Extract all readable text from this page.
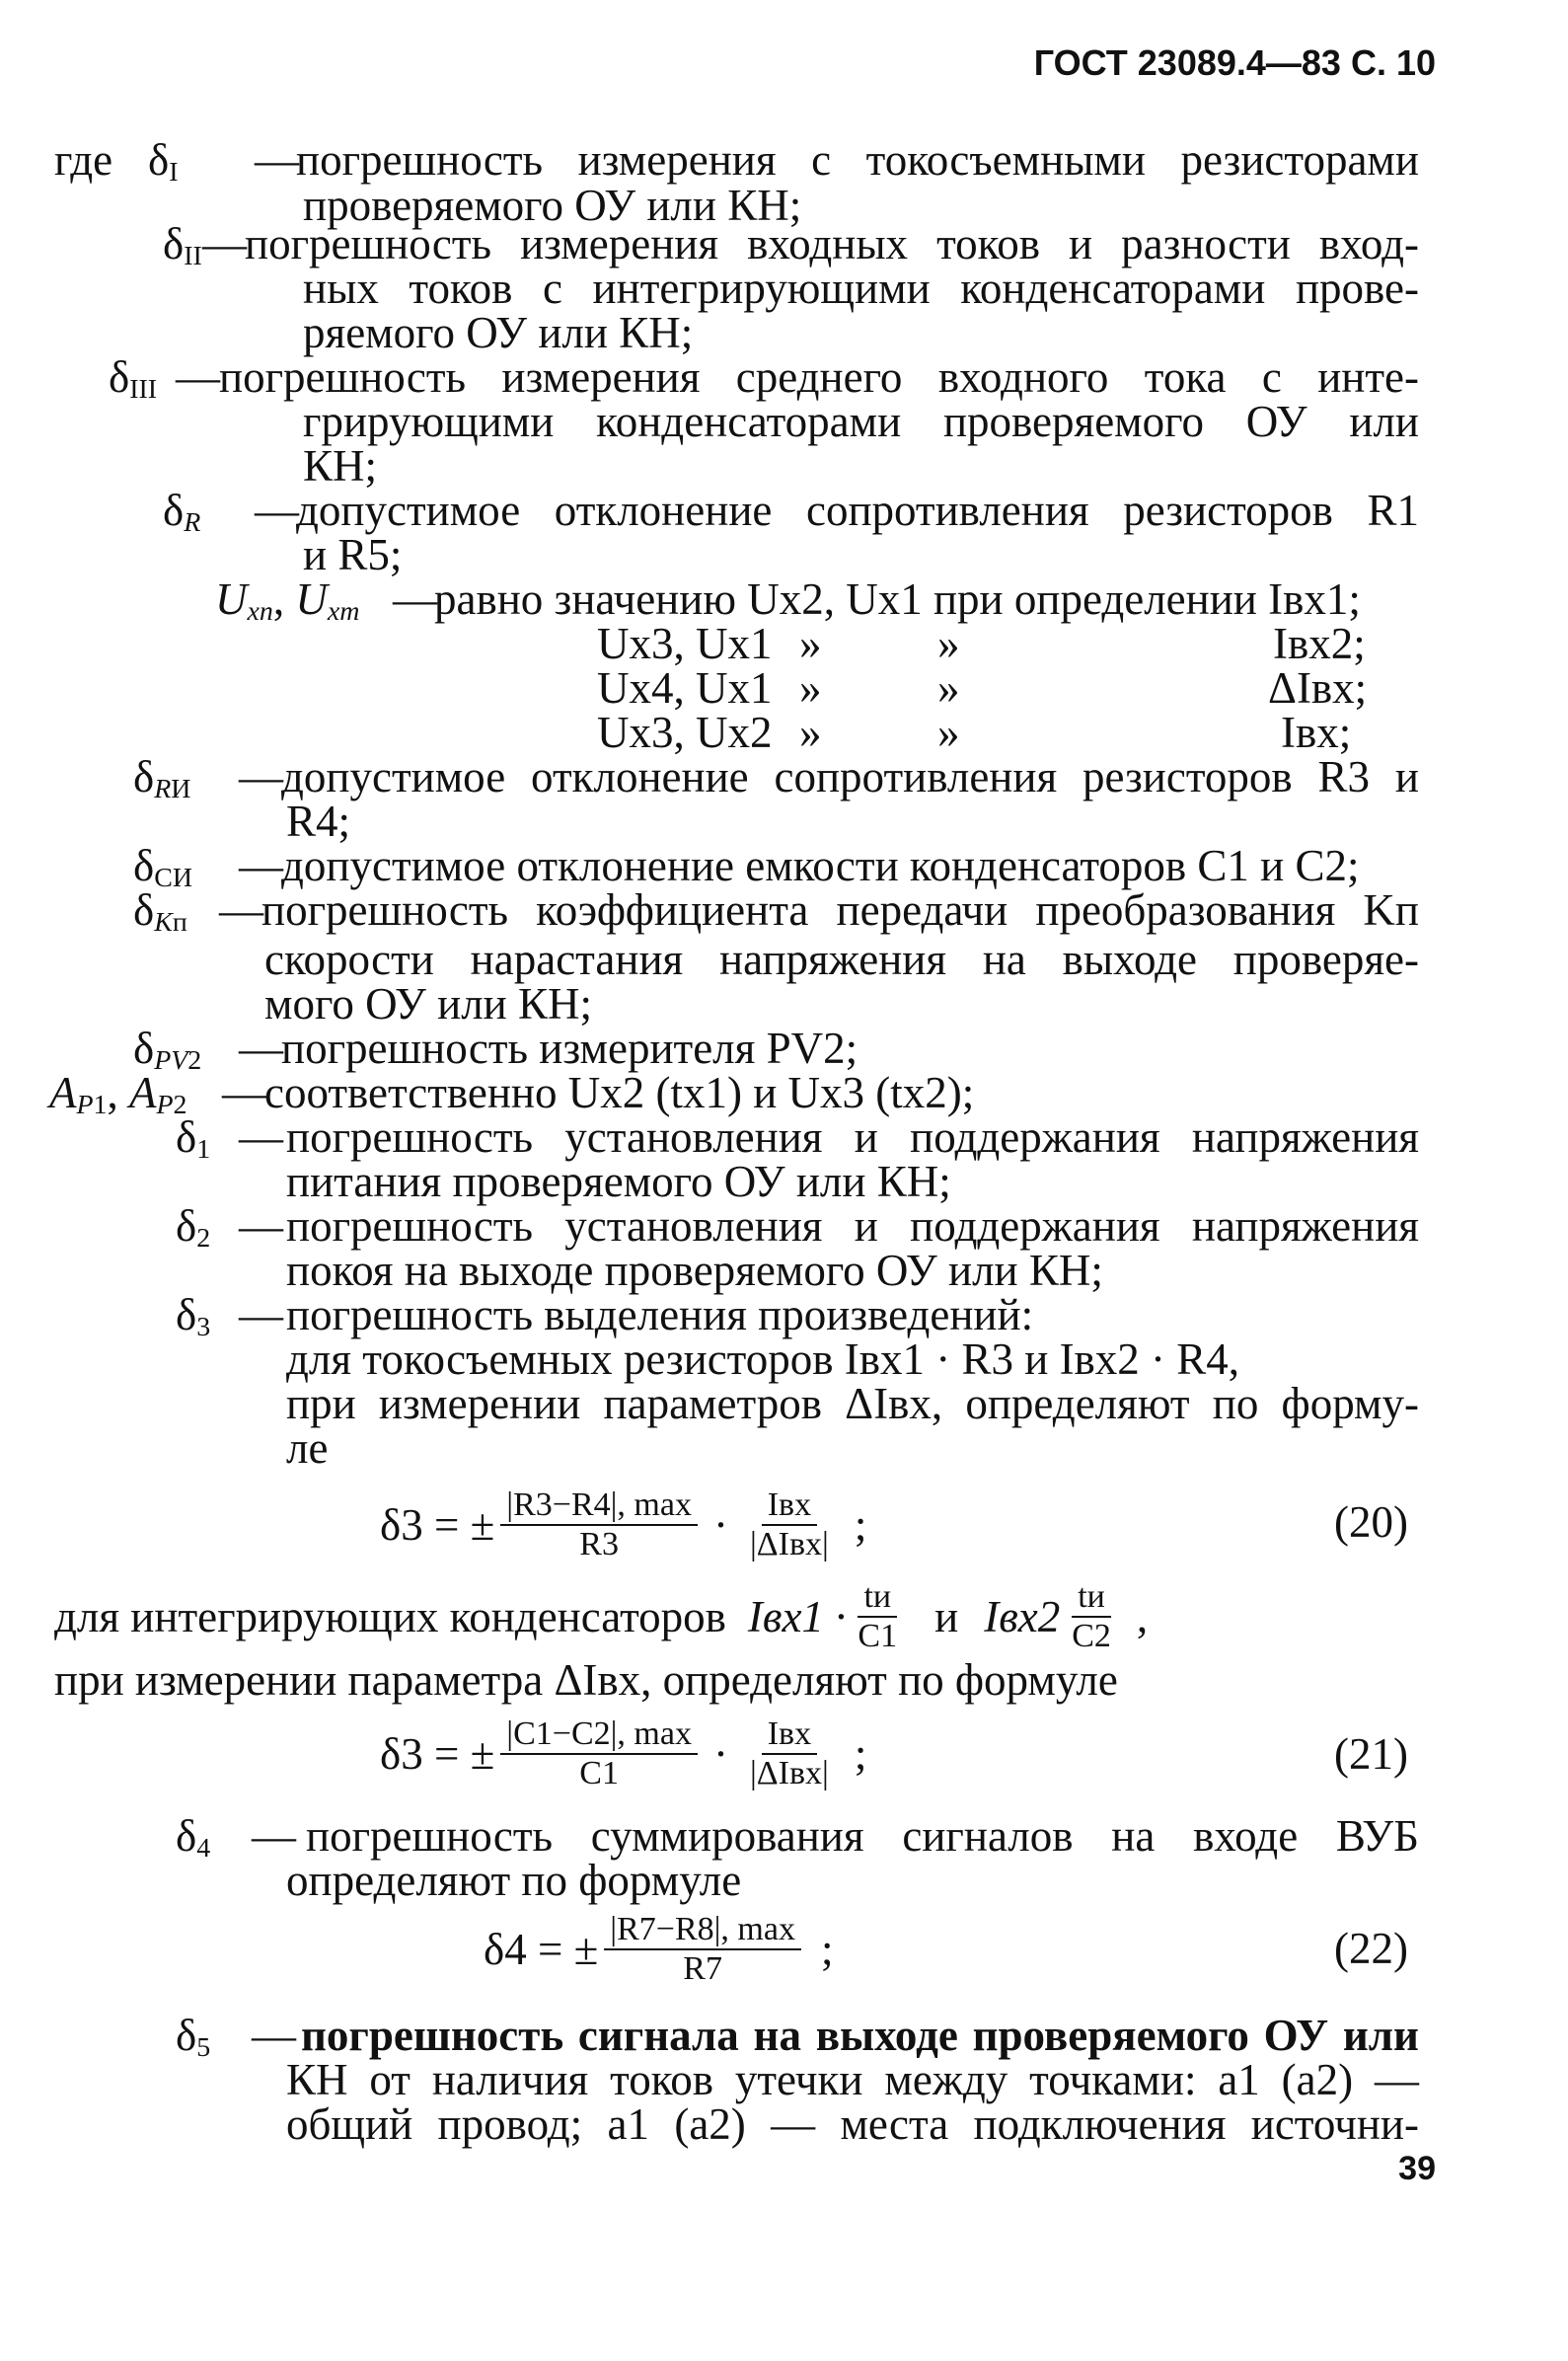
ГОСТ 23089.4—83 С. 10
где $\delta_I$	—
погрешность измерения с токосъемными резисторами
проверяемого ОУ или КН;
$\delta_{II}$ —
погрешность измерения входных токов и разности вход-
ных токов с интегрирующими конденсаторами прове-
ряемого ОУ или КН;
$\delta_{III}$ — погрешность измерения среднего входного тока с инте-
грирующими конденсаторами проверяемого ОУ или
КН;
$\delta_R$ —
допустимое отклонение сопротивления резисторов R1
и R5;
$U_{xn}$, $U_{xm}$ —
равно значению Ux2, Ux1 при определении Iвх1;
Ux3, Ux1 »	»	Iвх2;
Ux4, Ux1 »	»	ΔIвх;
Ux3, Ux2 »	»	Iвх;
$\delta_{RИ}$ —
допустимое отклонение сопротивления резисторов R3 и
R4;
$\delta_{СИ}$ —
допустимое отклонение емкости конденсаторов C1 и C2;
$\delta_{Kп}$ —
погрешность коэффициента передачи преобразования Kп
скорости нарастания напряжения на выходе проверяе-
мого ОУ или КН;
$\delta_{PV2}$ —
погрешность измерителя PV2;
$A_{P1}$, $A_{P2}$ —
соответственно Ux2 (tx1) и Ux3 (tx2);
$\delta_1$ — погрешность установления и поддержания напряжения
питания проверяемого ОУ или КН;
$\delta_2$ — погрешность установления и поддержания напряжения
покоя на выходе проверяемого ОУ или КН;
$\delta_3$ — погрешность выделения произведений:
для токосъемных резисторов Iвх1 · R3 и Iвх2 · R4,
при измерении параметров ΔIвх, определяют по форму-
ле
δ3 = ± $\frac{|R3-R4|, \max}{R3} \cdot \frac{\text{Iвх}}{\text{|ΔIвх|}}$ ;	(20)
для интегрирующих конденсаторов $Iвх1 \cdot \frac{tи}{C1}$ и $Iвх2 \frac{tи}{C2}$ ,
при измерении параметра ΔIвх, определяют по формуле
δ3 = ± $\frac{|C1-C2|, \max}{C1} \cdot \frac{\text{Iвх}}{\text{|ΔIвх|}}$ ;	(21)
$\delta_4$ — погрешность суммирования сигналов на входе ВУБ
определяют по формуле
δ4 = ± $\frac{|R7-R8|, \max}{R7}$ ;	(22)
$\delta_5$ — погрешность сигнала на выходе проверяемого ОУ или
КН от наличия токов утечки между точками: a1 (a2) —
общий провод; a1 (a2) — места подключения источни-
39
